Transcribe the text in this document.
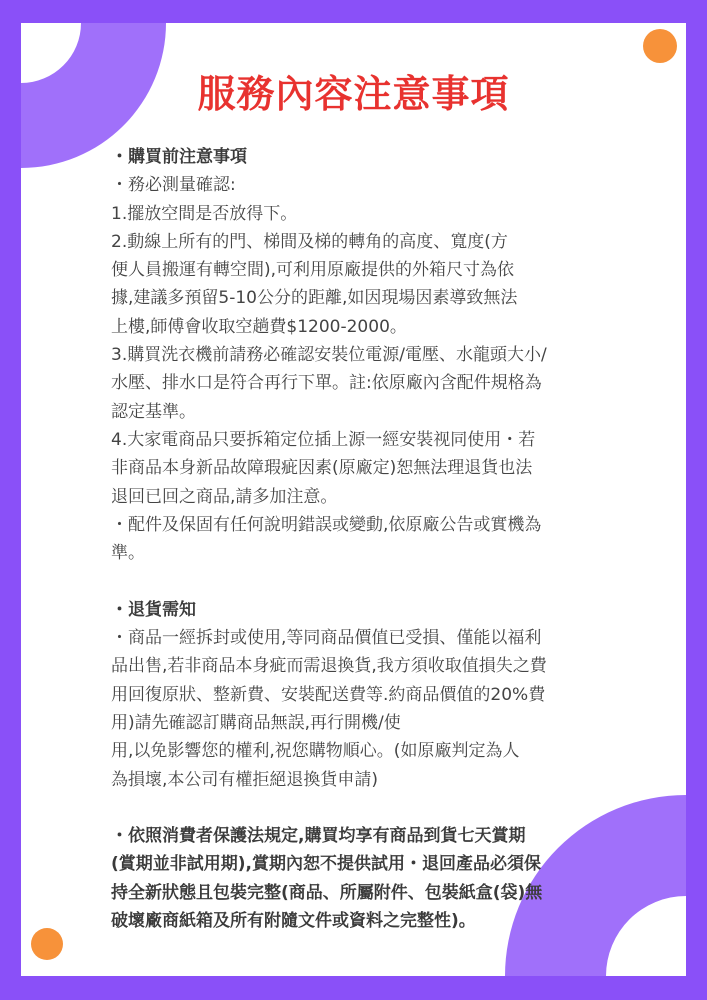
服務內容注意事項
・購買前注意事項
・務必測量確認:
1.擺放空間是否放得下。
2.動線上所有的門、梯間及梯的轉角的高度、寬度(方
便人員搬運有轉空間),可利用原廠提供的外箱尺寸為依
據,建議多預留5-10公分的距離,如因現場因素導致無法
上樓,師傅會收取空趟費$1200-2000。
3.購買洗衣機前請務必確認安裝位電源/電壓、水龍頭大小/
水壓、排水口是符合再行下單。註:依原廠內含配件規格為
認定基準。
4.大家電商品只要拆箱定位插上源一經安裝视同使用・若
非商品本身新品故障瑕疵因素(原廠定)恕無法理退貨也法
退回已回之商品,請多加注意。
・配件及保固有任何說明錯誤或變動,依原廠公告或實機為
準。
・退貨需知
・商品一經拆封或使用,等同商品價值已受損、僅能以福利
品出售,若非商品本身疵而需退換貨,我方須收取值損失之費
用回復原狀、整新費、安裝配送費等.約商品價值的20%費
用)請先確認訂購商品無誤,再行開機/使
用,以免影響您的權利,祝您購物順心。(如原廠判定為人
為損壞,本公司有權拒絕退換貨申請)
・依照消費者保護法規定,購買均享有商品到貨七天賞期
(賞期並非試用期),賞期內恕不提供試用・退回產品必須保
持全新狀態且包裝完整(商品、所屬附件、包裝紙盒(袋)無
破壞廠商紙箱及所有附隨文件或資料之完整性)。
